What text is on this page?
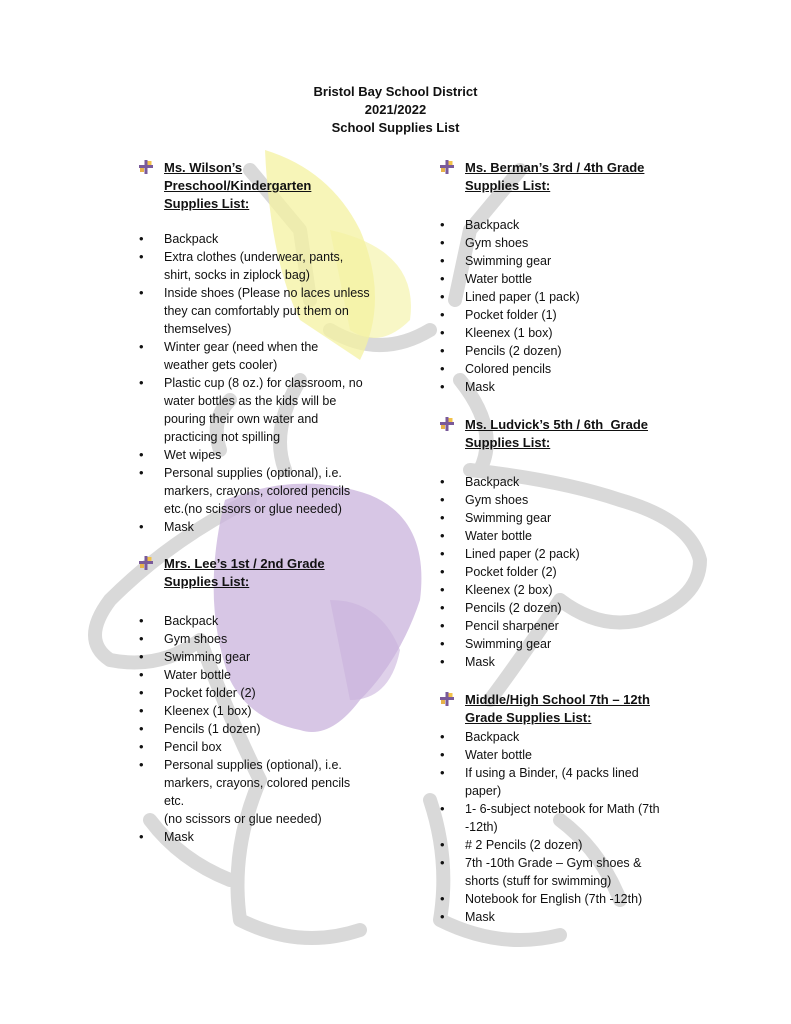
Bristol Bay School District
2021/2022
School Supplies List
Ms. Wilson’s
Preschool/Kindergarten
Supplies List:
• Backpack
• Extra clothes (underwear, pants,
shirt, socks in ziplock bag)
• Inside shoes (Please no laces unless
they can comfortably put them on
themselves)
• Winter gear (need when the
weather gets cooler)
• Plastic cup (8 oz.) for classroom, no
water bottles as the kids will be
pouring their own water and
practicing not spilling
• Wet wipes
• Personal supplies (optional), i.e.
markers, crayons, colored pencils
etc.(no scissors or glue needed)
• Mask
Mrs. Lee’s 1st / 2nd Grade
Supplies List:
• Backpack
• Gym shoes
• Swimming gear
• Water bottle
• Pocket folder (2)
• Kleenex (1 box)
• Pencils (1 dozen)
• Pencil box
• Personal supplies (optional), i.e.
markers, crayons, colored pencils
etc.
(no scissors or glue needed)
• Mask
Ms. Berman’s 3rd / 4th Grade
Supplies List:
• Backpack
• Gym shoes
• Swimming gear
• Water bottle
• Lined paper (1 pack)
• Pocket folder (1)
• Kleenex (1 box)
• Pencils (2 dozen)
• Colored pencils
• Mask
Ms. Ludvick’s 5th / 6th  Grade
Supplies List:
• Backpack
• Gym shoes
• Swimming gear
• Water bottle
• Lined paper (2 pack)
• Pocket folder (2)
• Kleenex (2 box)
• Pencils (2 dozen)
• Pencil sharpener
• Swimming gear
• Mask
Middle/High School 7th – 12th
Grade Supplies List:
• Backpack
• Water bottle
• If using a Binder, (4 packs lined
paper)
• 1- 6-subject notebook for Math (7th
-12th)
• # 2 Pencils (2 dozen)
• 7th -10th Grade – Gym shoes &
shorts (stuff for swimming)
• Notebook for English (7th -12th)
• Mask
